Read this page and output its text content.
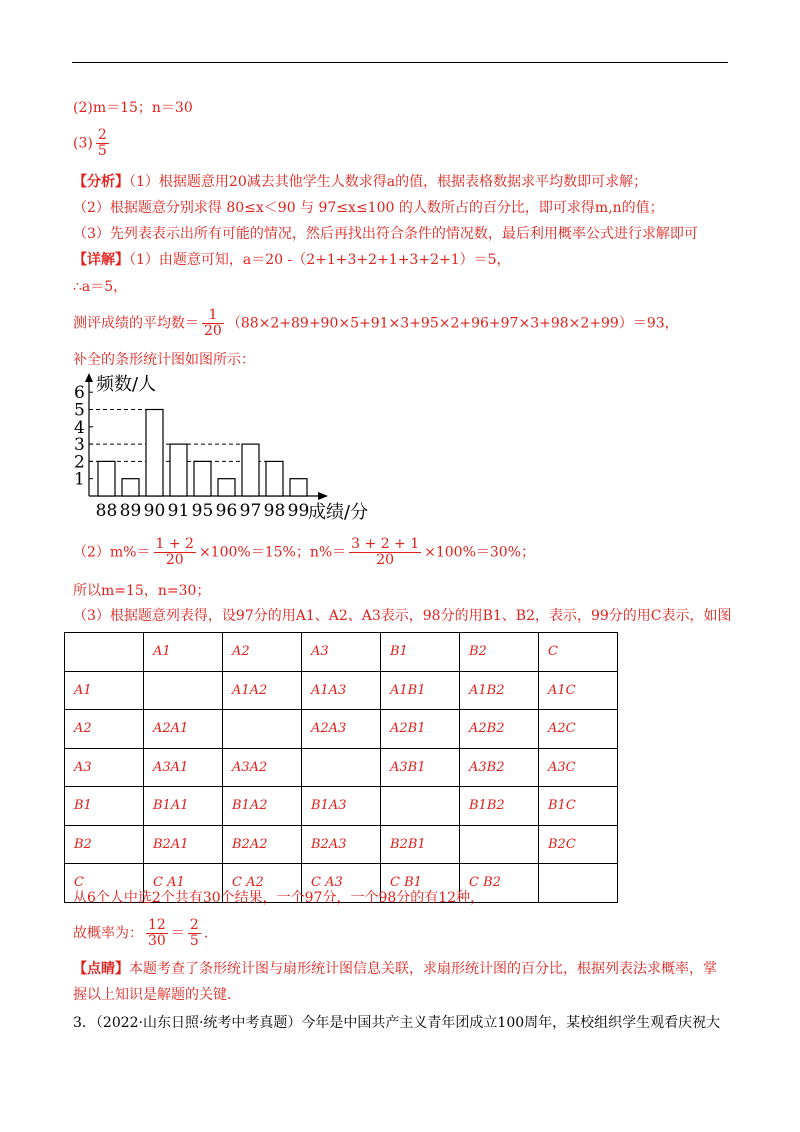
(2)m＝15；n＝30
$(3) \frac{2}{5}$
【分析】（1）根据题意用20减去其他学生人数求得a的值，根据表格数据求平均数即可求解；
（2）根据题意分别求得 80≤x＜90 与 97≤x≤100 的人数所占的百分比，即可求得m,n的值；
（3）先列表表示出所有可能的情况，然后再找出符合条件的情况数，最后利用概率公式进行求解即可
【详解】（1）由题意可知，a＝20 -（2+1+3+2+1+3+2+1）＝5，
∴a＝5，
测评成绩的平均数＝ $\frac{1}{20} (88\times 2+89+90\times 5+91\times 3+95\times 2+96+97\times 3+98\times 2+99)=93$，
补全的条形统计图如图所示：
1
2
3
4
5
6
88 89 90 91 95 96 97 98 99
频数/人
成绩/分
$(2)m\%= \frac{1 + 2}{20} \times 100\%=15\%$；$n\%= \frac{3 + 2 + 1}{20} \times 100\%=30\%$；
所以m=15，n=30；
（3）根据题意列表得，设97分的用A1、A2、A3表示，98分的用B1、B2，表示，99分的用C表示，如图
	A1	A2	A3	B1	B2	C
A1		A1A2	A1A3	A1B1	A1B2	A1C
A2	A2A1		A2A3	A2B1	A2B2	A2C
A3	A3A1	A3A2		A3B1	A3B2	A3C
B1	B1A1	B1A2	B1A3		B1B2	B1C
B2	B2A1	B2A2	B2A3	B2B1		B2C
C	C A1	C A2	C A3	C B1	C B2	
从6个人中选2个共有30个结果，一个97分，一个98分的有12种，
故概率为： $\frac{12}{30} = \frac{2}{5}$ .
【点睛】本题考查了条形统计图与扇形统计图信息关联，求扇形统计图的百分比，根据列表法求概率，掌
握以上知识是解题的关键.
3．（2022·山东日照·统考中考真题）今年是中国共产主义青年团成立100周年，某校组织学生观看庆祝大
